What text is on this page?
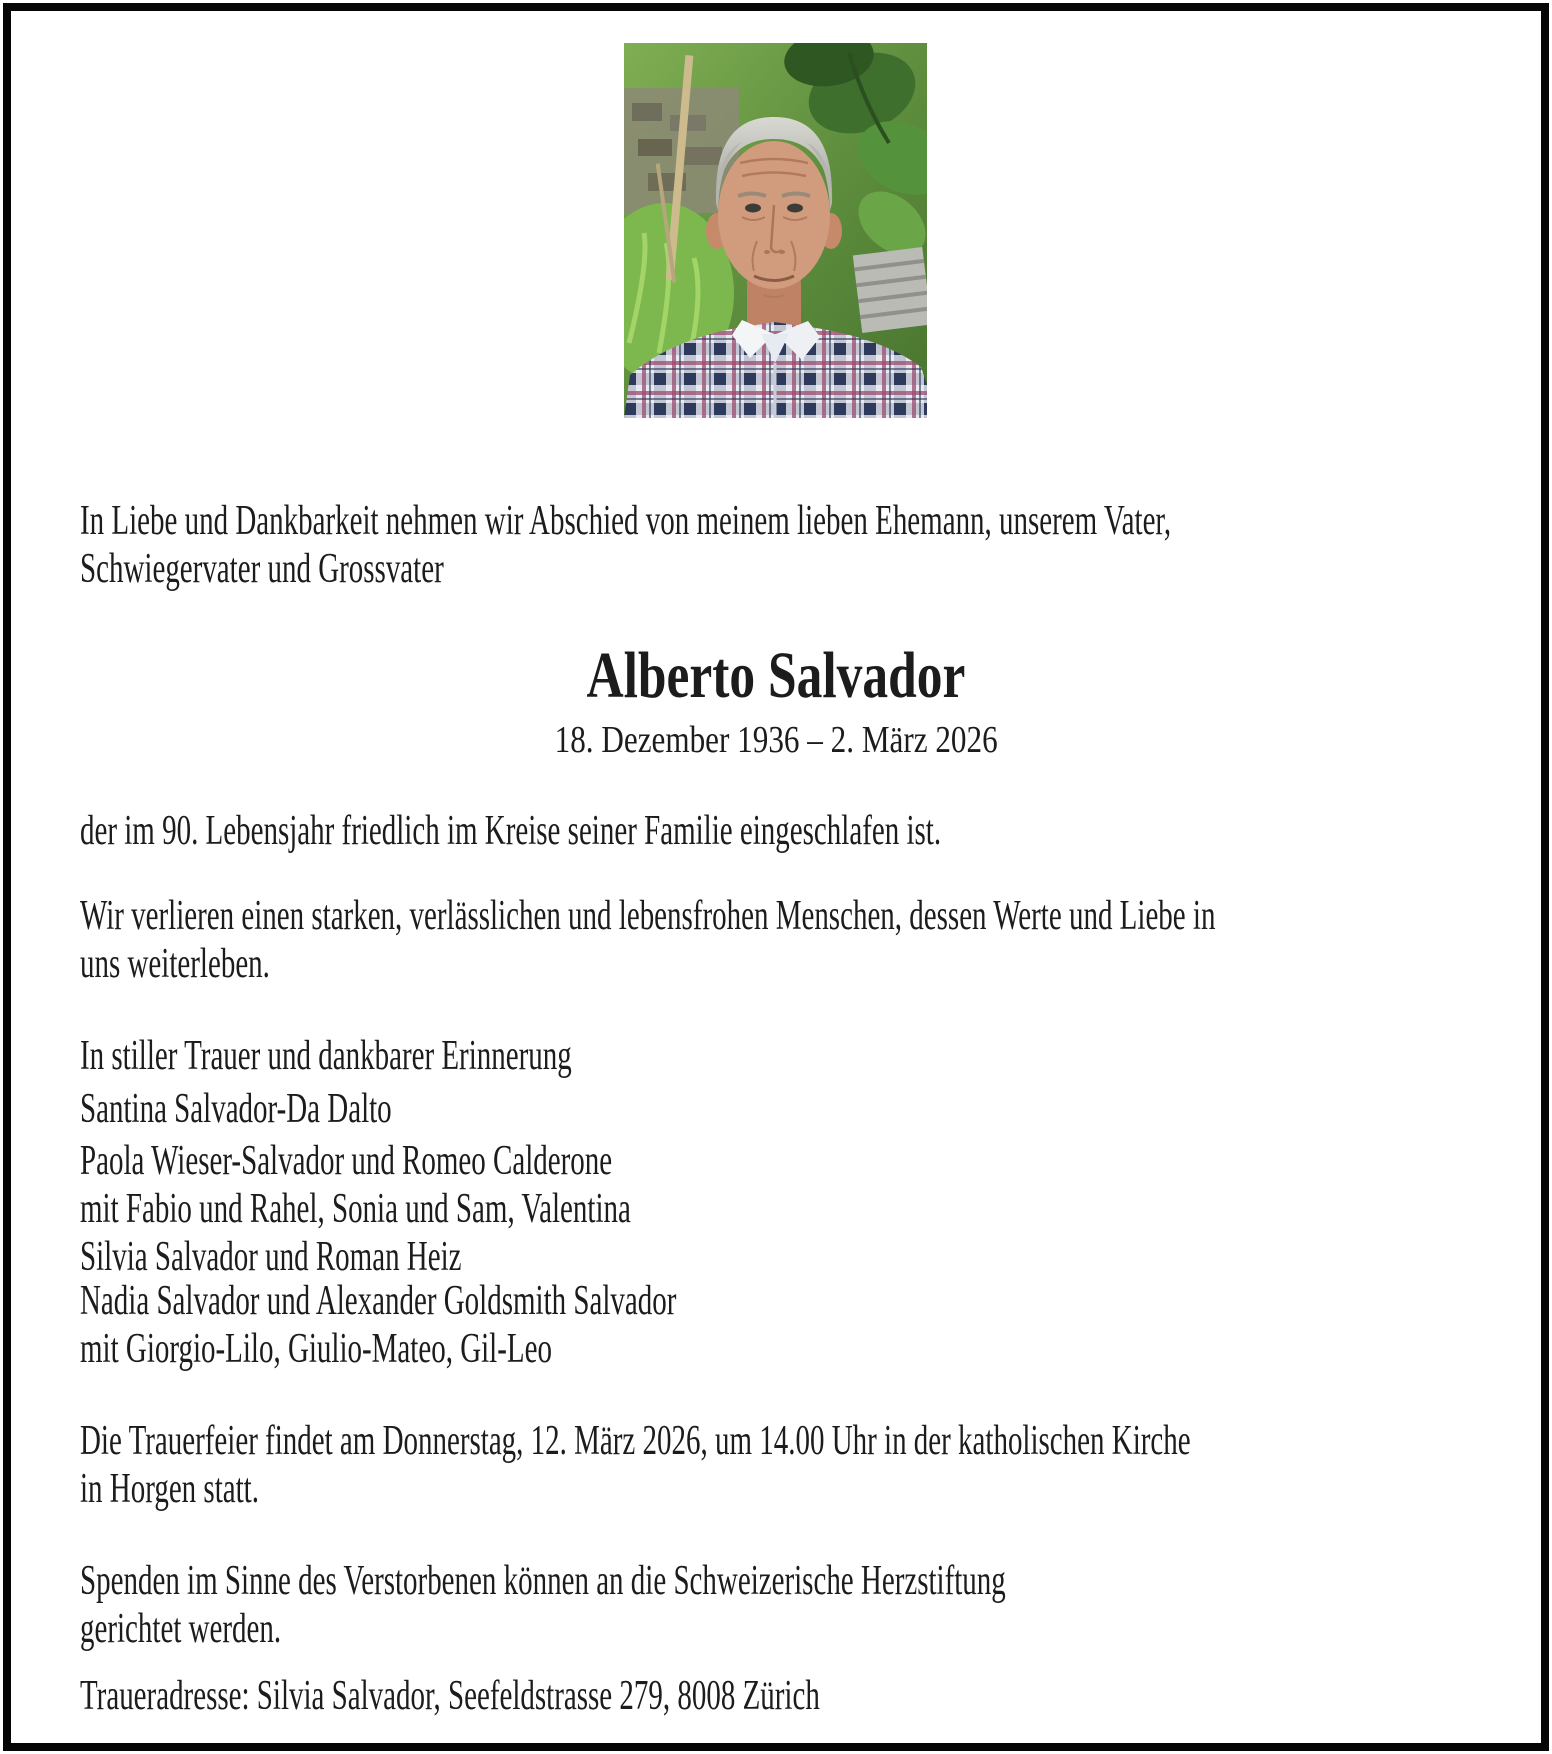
In Liebe und Dankbarkeit nehmen wir Abschied von meinem lieben Ehemann, unserem Vater,
Schwiegervater und Grossvater
Alberto Salvador
18. Dezember 1936 – 2. März 2026
der im 90. Lebensjahr friedlich im Kreise seiner Familie eingeschlafen ist.
Wir verlieren einen starken, verlässlichen und lebensfrohen Menschen, dessen Werte und Liebe in
uns weiterleben.
In stiller Trauer und dankbarer Erinnerung
Santina Salvador-Da Dalto
Paola Wieser-Salvador und Romeo Calderone
mit Fabio und Rahel, Sonia und Sam, Valentina
Silvia Salvador und Roman Heiz
Nadia Salvador und Alexander Goldsmith Salvador
mit Giorgio-Lilo, Giulio-Mateo, Gil-Leo
Die Trauerfeier findet am Donnerstag, 12. März 2026, um 14.00 Uhr in der katholischen Kirche
in Horgen statt.
Spenden im Sinne des Verstorbenen können an die Schweizerische Herzstiftung
gerichtet werden.
Traueradresse: Silvia Salvador, Seefeldstrasse 279, 8008 Zürich
